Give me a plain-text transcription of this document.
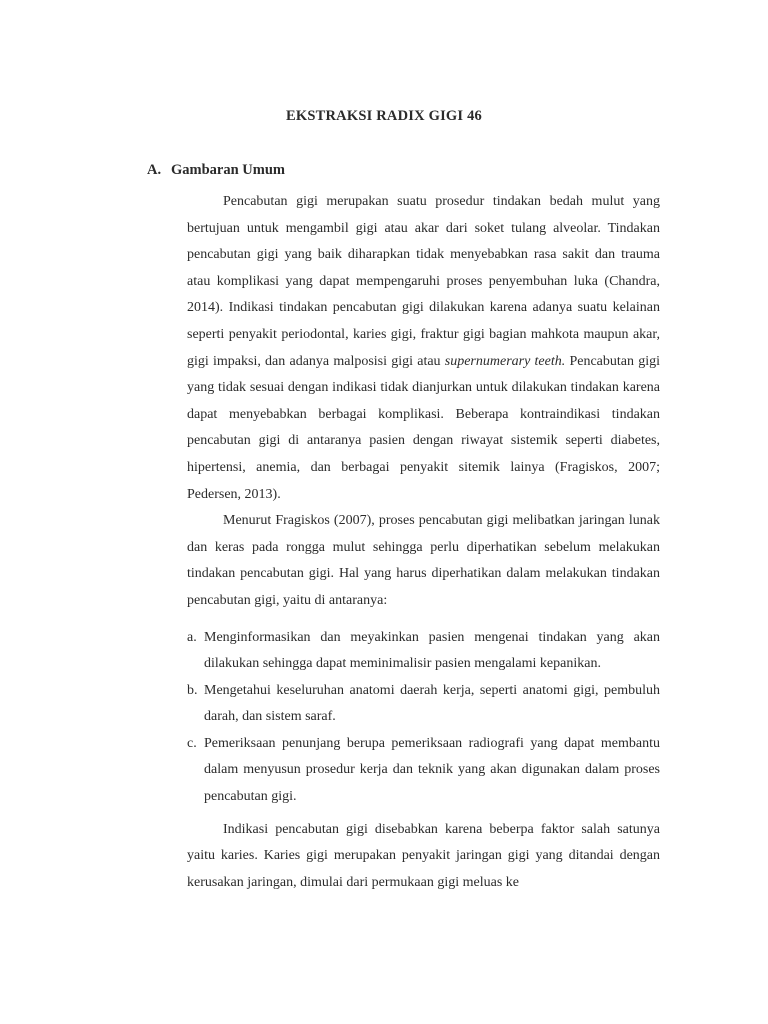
EKSTRAKSI RADIX GIGI 46
A. Gambaran Umum

Pencabutan gigi merupakan suatu prosedur tindakan bedah mulut yang bertujuan untuk mengambil gigi atau akar dari soket tulang alveolar. Tindakan pencabutan gigi yang baik diharapkan tidak menyebabkan rasa sakit dan trauma atau komplikasi yang dapat mempengaruhi proses penyembuhan luka (Chandra, 2014). Indikasi tindakan pencabutan gigi dilakukan karena adanya suatu kelainan seperti penyakit periodontal, karies gigi, fraktur gigi bagian mahkota maupun akar, gigi impaksi, dan adanya malposisi gigi atau supernumerary teeth. Pencabutan gigi yang tidak sesuai dengan indikasi tidak dianjurkan untuk dilakukan tindakan karena dapat menyebabkan berbagai komplikasi. Beberapa kontraindikasi tindakan pencabutan gigi di antaranya pasien dengan riwayat sistemik seperti diabetes, hipertensi, anemia, dan berbagai penyakit sitemik lainya (Fragiskos, 2007; Pedersen, 2013).

Menurut Fragiskos (2007), proses pencabutan gigi melibatkan jaringan lunak dan keras pada rongga mulut sehingga perlu diperhatikan sebelum melakukan tindakan pencabutan gigi. Hal yang harus diperhatikan dalam melakukan tindakan pencabutan gigi, yaitu di antaranya:

a. Menginformasikan dan meyakinkan pasien mengenai tindakan yang akan dilakukan sehingga dapat meminimalisir pasien mengalami kepanikan.
b. Mengetahui keseluruhan anatomi daerah kerja, seperti anatomi gigi, pembuluh darah, dan sistem saraf.
c. Pemeriksaan penunjang berupa pemeriksaan radiografi yang dapat membantu dalam menyusun prosedur kerja dan teknik yang akan digunakan dalam proses pencabutan gigi.

Indikasi pencabutan gigi disebabkan karena beberpa faktor salah satunya yaitu karies. Karies gigi merupakan penyakit jaringan gigi yang ditandai dengan kerusakan jaringan, dimulai dari permukaan gigi meluas ke
